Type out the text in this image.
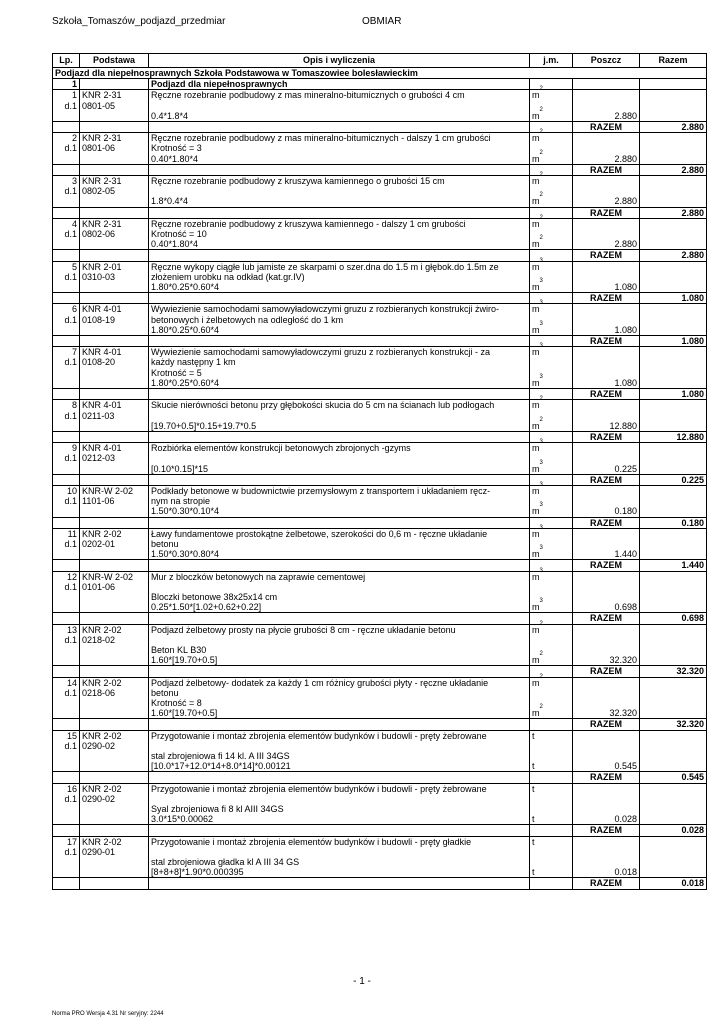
Szkoła_Tomaszów_podjazd_przedmiar	OBMIAR
Lp.	Podstawa	Opis i wyliczenia	j.m.	Poszcz	Razem
Podjazd dla niepełnosprawnych Szkoła Podstawowa w Tomaszowiee bolesławieckim					
1		Podjazd dla niepełnosprawnych			
1	KNR 2-31	Ręczne rozebranie podbudowy z mas mineralno-bitumicznych o grubości 4 cm	$m^2$		
d.1	0801-05				
		0.4*1.8*4	$m^2$	2.880	
				RAZEM	2.880
2	KNR 2-31	Ręczne rozebranie podbudowy z mas mineralno-bitumicznych - dalszy 1 cm grubości	$m^2$		
d.1	0801-06	Krotność = 3			
		0.40*1.80*4	$m^2$	2.880	
				RAZEM	2.880
3	KNR 2-31	Ręczne rozebranie podbudowy z kruszywa kamiennego o grubości 15 cm	$m^2$		
d.1	0802-05				
		1.8*0.4*4	$m^2$	2.880	
				RAZEM	2.880
4	KNR 2-31	Ręczne rozebranie podbudowy z kruszywa kamiennego - dalszy 1 cm grubości	$m^2$		
d.1	0802-06	Krotność = 10			
		0.40*1.80*4	$m^2$	2.880	
				RAZEM	2.880
5	KNR 2-01	Ręczne wykopy ciągłe lub jamiste ze skarpami o szer.dna do 1.5 m i głębok.do 1.5m ze	$m^3$		
d.1	0310-03	złożeniem urobku na odkład (kat.gr.IV)			
		1.80*0.25*0.60*4	$m^3$	1.080	
				RAZEM	1.080
6	KNR 4-01	Wywiezienie samochodami samowyładowczymi gruzu z rozbieranych konstrukcji żwiro-	$m^3$		
d.1	0108-19	betonowych i żelbetowych na odległość do 1 km			
		1.80*0.25*0.60*4	$m^3$	1.080	
				RAZEM	1.080
7	KNR 4-01	Wywiezienie samochodami samowyładowczymi gruzu z rozbieranych konstrukcji - za	$m^3$		
d.1	0108-20	każdy następny 1 km			
		Krotność = 5			
		1.80*0.25*0.60*4	$m^3$	1.080	
				RAZEM	1.080
8	KNR 4-01	Skucie nierówności betonu przy głębokości skucia do 5 cm na ścianach lub podłogach	$m^2$		
d.1	0211-03				
		[19.70+0.5]*0.15+19.7*0.5	$m^2$	12.880	
				RAZEM	12.880
9	KNR 4-01	Rozbiórka elementów konstrukcji betonowych zbrojonych -gzyms	$m^3$		
d.1	0212-03				
		[0.10*0.15]*15	$m^3$	0.225	
				RAZEM	0.225
10	KNR-W 2-02	Podkłady betonowe w budownictwie przemysłowym z transportem i układaniem ręcz-	$m^3$		
d.1	1101-06	nym na stropie			
		1.50*0.30*0.10*4	$m^3$	0.180	
				RAZEM	0.180
11	KNR 2-02	Ławy fundamentowe prostokątne żelbetowe, szerokości do 0,6 m - ręczne układanie	$m^3$		
d.1	0202-01	betonu			
		1.50*0.30*0.80*4	$m^3$	1.440	
				RAZEM	1.440
12	KNR-W 2-02	Mur z bloczków betonowych na zaprawie cementowej	$m^3$		
d.1	0101-06				
		Bloczki betonowe 38x25x14 cm			
		0.25*1.50*[1.02+0.62+0.22]	$m^3$	0.698	
				RAZEM	0.698
13	KNR 2-02	Podjazd żelbetowy prosty na płycie grubości 8 cm - ręczne układanie betonu	$m^2$		
d.1	0218-02				
		Beton KL B30			
		1.60*[19.70+0.5]	$m^2$	32.320	
				RAZEM	32.320
14	KNR 2-02	Podjazd żelbetowy- dodatek za każdy 1 cm różnicy grubości płyty - ręczne układanie	$m^2$		
d.1	0218-06	betonu			
		Krotność = 8			
		1.60*[19.70+0.5]	$m^2$	32.320	
				RAZEM	32.320
15	KNR 2-02	Przygotowanie i montaż zbrojenia elementów budynków i budowli - pręty żebrowane	t		
d.1	0290-02				
		stal zbrojeniowa fi 14 kl. A III 34GS			
		[10.0*17+12.0*14+8.0*14]*0.00121	t	0.545	
				RAZEM	0.545
16	KNR 2-02	Przygotowanie i montaż zbrojenia elementów budynków i budowli - pręty żebrowane	t		
d.1	0290-02				
		Syal zbrojeniowa fi 8 kl AIII 34GS			
		3.0*15*0.00062	t	0.028	
				RAZEM	0.028
17	KNR 2-02	Przygotowanie i montaż zbrojenia elementów budynków i budowli - pręty gładkie	t		
d.1	0290-01				
		stal zbrojeniowa gładka kl A III 34 GS			
		[8+8+8]*1.90*0.000395	t	0.018	
				RAZEM	0.018
- 1 -
Norma PRO Wersja 4.31 Nr seryjny: 2244
